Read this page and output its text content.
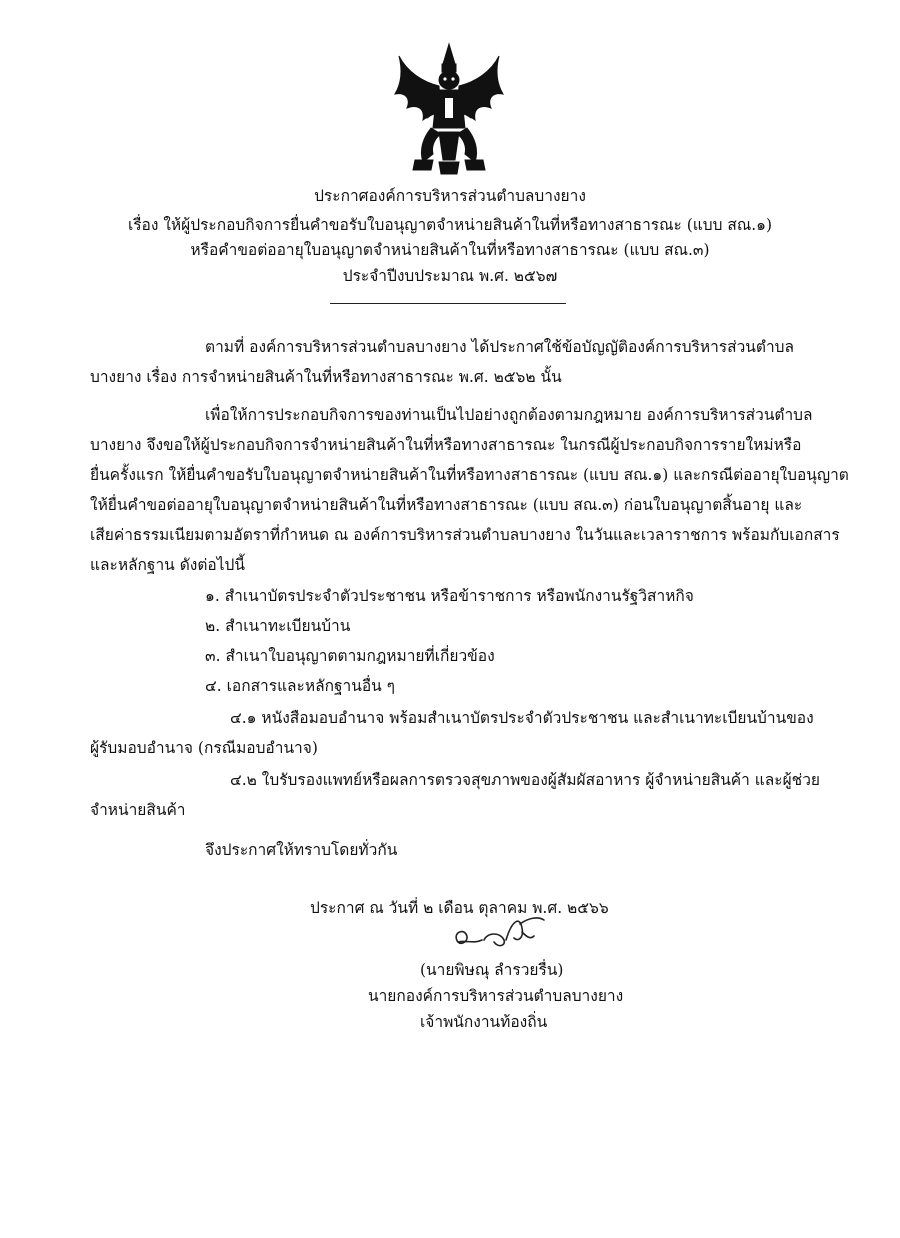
ประกาศองค์การบริหารส่วนตำบลบางยาง
เรื่อง ให้ผู้ประกอบกิจการยื่นคำขอรับใบอนุญาตจำหน่ายสินค้าในที่หรือทางสาธารณะ (แบบ สณ.๑)
หรือคำขอต่ออายุใบอนุญาตจำหน่ายสินค้าในที่หรือทางสาธารณะ (แบบ สณ.๓)
ประจำปีงบประมาณ พ.ศ. ๒๕๖๗
ตามที่ องค์การบริหารส่วนตำบลบางยาง ได้ประกาศใช้ข้อบัญญัติองค์การบริหารส่วนตำบล
บางยาง เรื่อง การจำหน่ายสินค้าในที่หรือทางสาธารณะ พ.ศ. ๒๕๖๒ นั้น
เพื่อให้การประกอบกิจการของท่านเป็นไปอย่างถูกต้องตามกฎหมาย องค์การบริหารส่วนตำบล
บางยาง จึงขอให้ผู้ประกอบกิจการจำหน่ายสินค้าในที่หรือทางสาธารณะ ในกรณีผู้ประกอบกิจการรายใหม่หรือ
ยื่นครั้งแรก ให้ยื่นคำขอรับใบอนุญาตจำหน่ายสินค้าในที่หรือทางสาธารณะ (แบบ สณ.๑) และกรณีต่ออายุใบอนุญาต
ให้ยื่นคำขอต่ออายุใบอนุญาตจำหน่ายสินค้าในที่หรือทางสาธารณะ (แบบ สณ.๓) ก่อนใบอนุญาตสิ้นอายุ และ
เสียค่าธรรมเนียมตามอัตราที่กำหนด ณ องค์การบริหารส่วนตำบลบางยาง ในวันและเวลาราชการ พร้อมกับเอกสาร
และหลักฐาน ดังต่อไปนี้
๑. สำเนาบัตรประจำตัวประชาชน หรือข้าราชการ หรือพนักงานรัฐวิสาหกิจ
๒. สำเนาทะเบียนบ้าน
๓. สำเนาใบอนุญาตตามกฎหมายที่เกี่ยวข้อง
๔. เอกสารและหลักฐานอื่น ๆ
๔.๑ หนังสือมอบอำนาจ พร้อมสำเนาบัตรประจำตัวประชาชน และสำเนาทะเบียนบ้านของ
ผู้รับมอบอำนาจ (กรณีมอบอำนาจ)
๔.๒ ใบรับรองแพทย์หรือผลการตรวจสุขภาพของผู้สัมผัสอาหาร ผู้จำหน่ายสินค้า และผู้ช่วย
จำหน่ายสินค้า
จึงประกาศให้ทราบโดยทั่วกัน
ประกาศ ณ วันที่ ๒ เดือน ตุลาคม พ.ศ. ๒๕๖๖
(นายพิษณุ ลำรวยรื่น)
นายกองค์การบริหารส่วนตำบลบางยาง
เจ้าพนักงานท้องถิ่น
